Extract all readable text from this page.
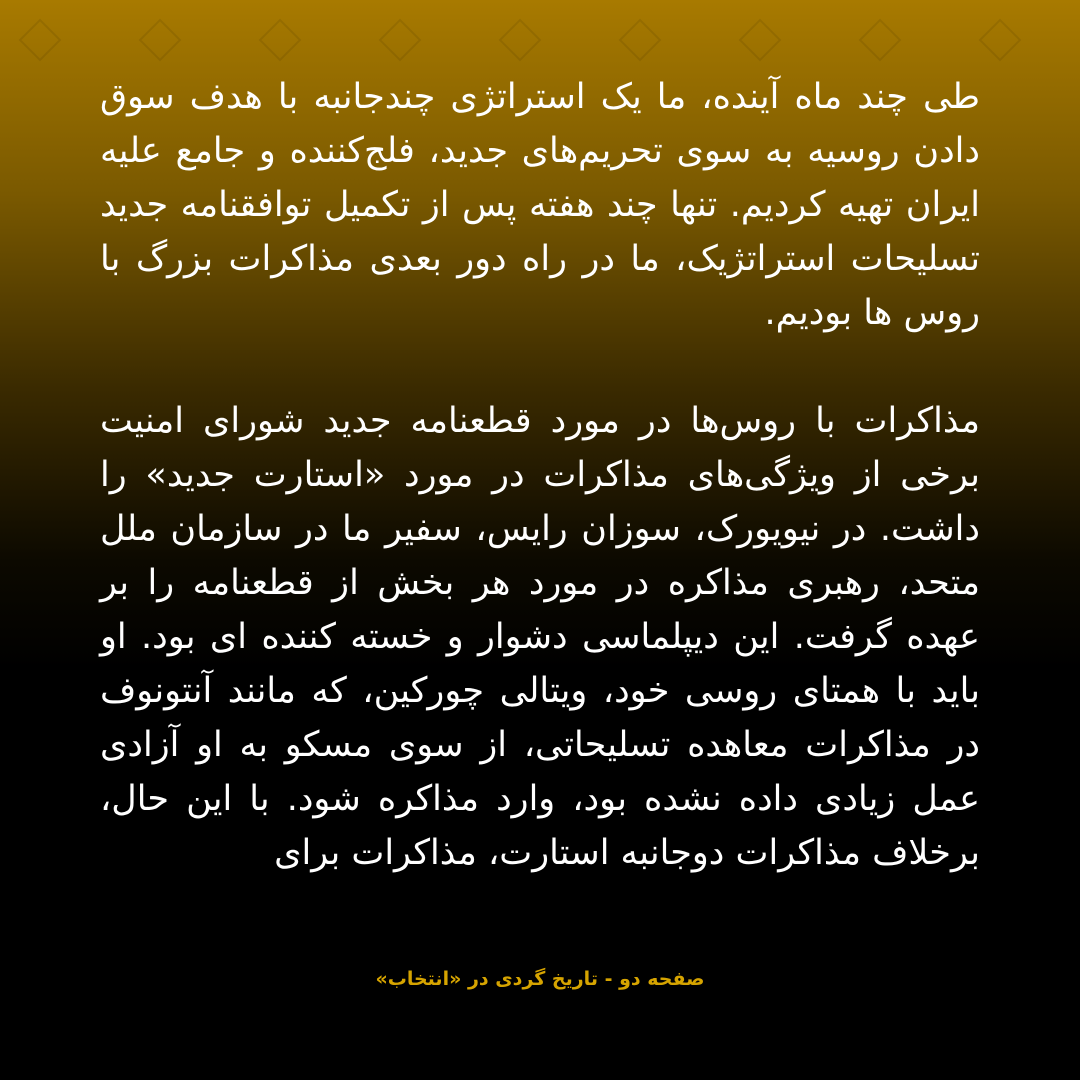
طی چند ماه آینده، ما یک استراتژی چندجانبه با هدف سوق دادن روسیه به سوی تحریم‌های جدید، فلج‌کننده و جامع علیه ایران تهیه کردیم. تنها چند هفته پس از تکمیل توافقنامه جدید تسلیحات استراتژیک، ما در راه دور بعدی مذاکرات بزرگ با روس ها بودیم.

مذاکرات با روس‌ها در مورد قطعنامه جدید شورای امنیت برخی از ویژگی‌های مذاکرات در مورد «استارت جدید» را داشت. در نیویورک، سوزان رایس، سفیر ما در سازمان ملل متحد، رهبری مذاکره در مورد هر بخش از قطعنامه را بر عهده گرفت. این دیپلماسی دشوار و خسته کننده ای بود. او باید با همتای روسی خود، ویتالی چورکین، که مانند آنتونوف در مذاکرات معاهده تسلیحاتی، از سوی مسکو به او آزادی عمل زیادی داده نشده بود، وارد مذاکره شود. با این حال، برخلاف مذاکرات دوجانبه استارت، مذاکرات برای

صفحه دو - تاریخ گردی در «انتخاب»
